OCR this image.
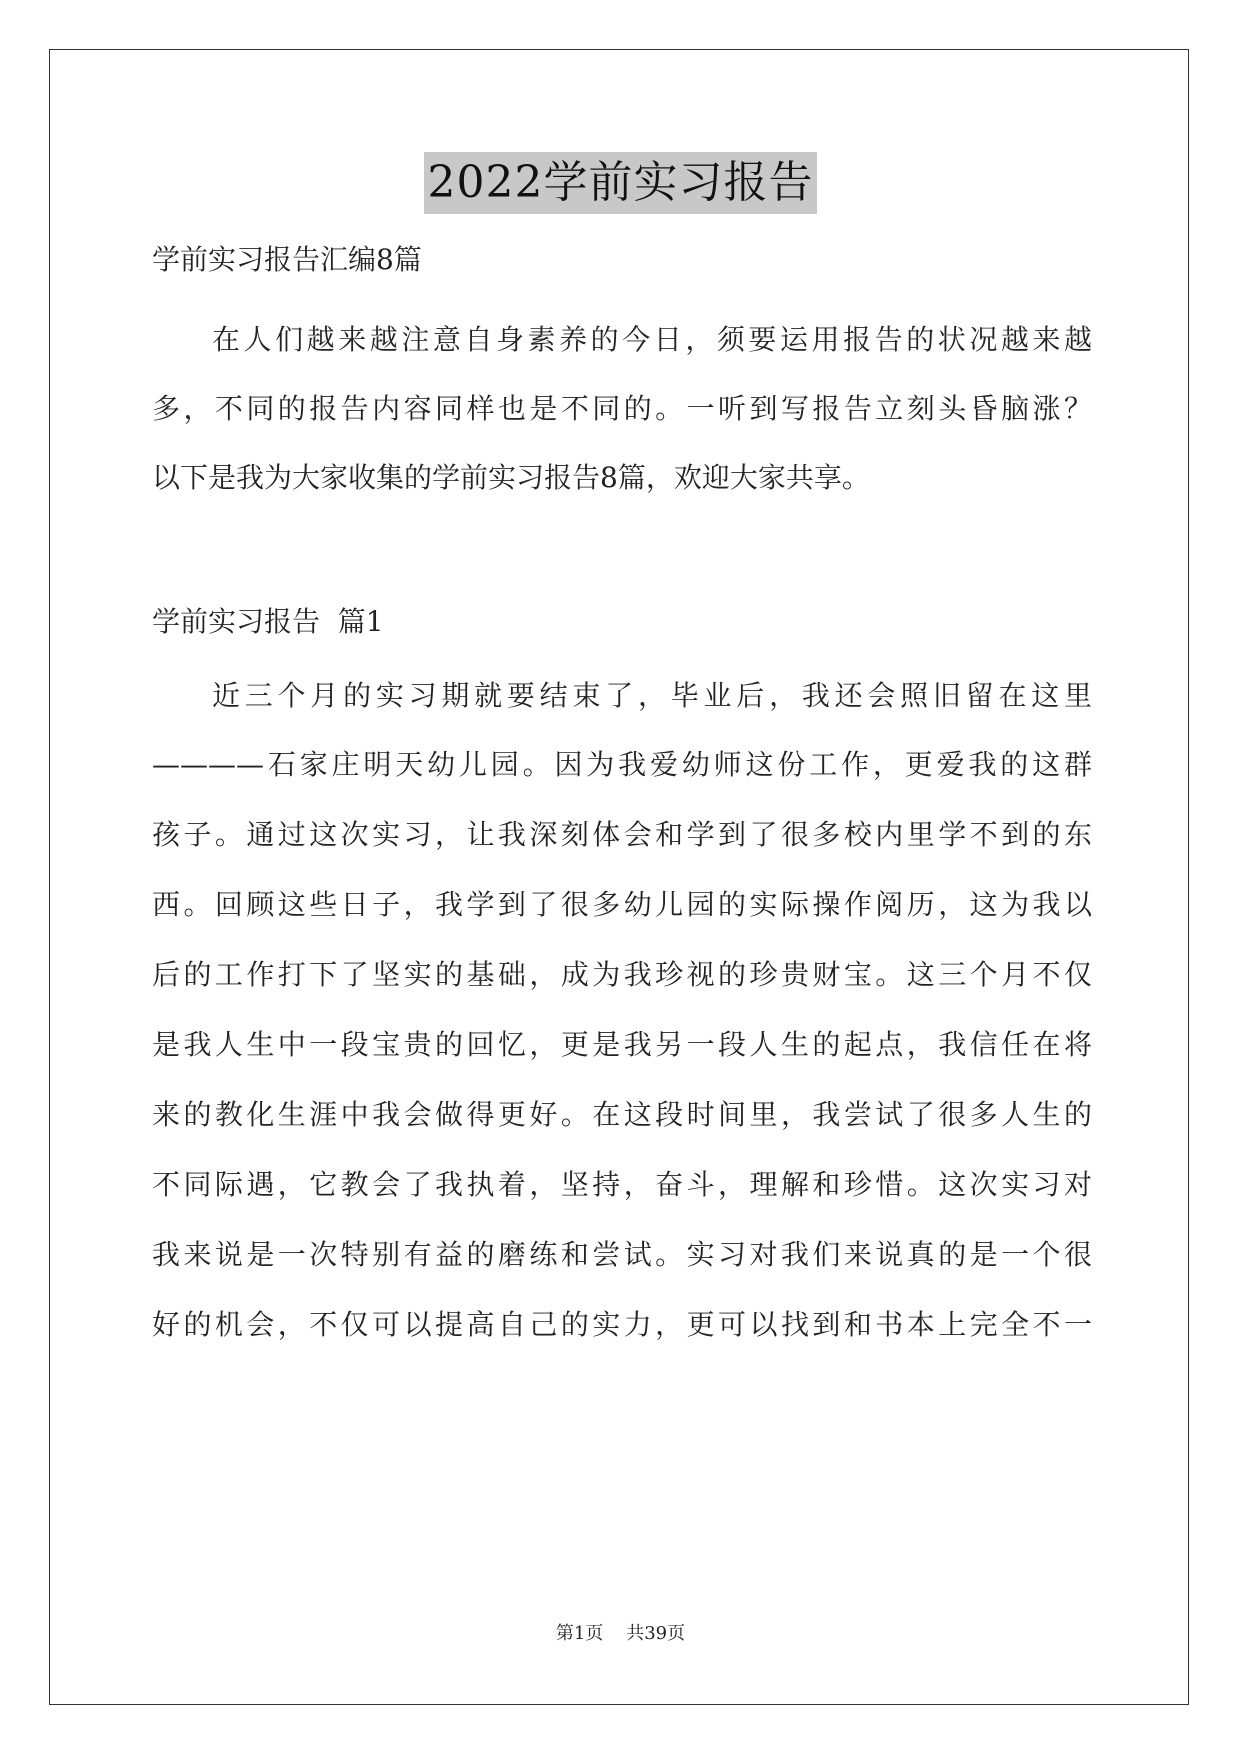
2022学前实习报告
学前实习报告汇编8篇
在人们越来越注意自身素养的今日，须要运用报告的状况越来越
多，不同的报告内容同样也是不同的。一听到写报告立刻头昏脑涨？
以下是我为大家收集的学前实习报告8篇，欢迎大家共享。
学前实习报告  篇1
近三个月的实习期就要结束了，毕业后，我还会照旧留在这里
————石家庄明天幼儿园。因为我爱幼师这份工作，更爱我的这群
孩子。通过这次实习，让我深刻体会和学到了很多校内里学不到的东
西。回顾这些日子，我学到了很多幼儿园的实际操作阅历，这为我以
后的工作打下了坚实的基础，成为我珍视的珍贵财宝。这三个月不仅
是我人生中一段宝贵的回忆，更是我另一段人生的起点，我信任在将
来的教化生涯中我会做得更好。在这段时间里，我尝试了很多人生的
不同际遇，它教会了我执着，坚持，奋斗，理解和珍惜。这次实习对
我来说是一次特别有益的磨练和尝试。实习对我们来说真的是一个很
好的机会，不仅可以提高自己的实力，更可以找到和书本上完全不一
第1页    共39页
